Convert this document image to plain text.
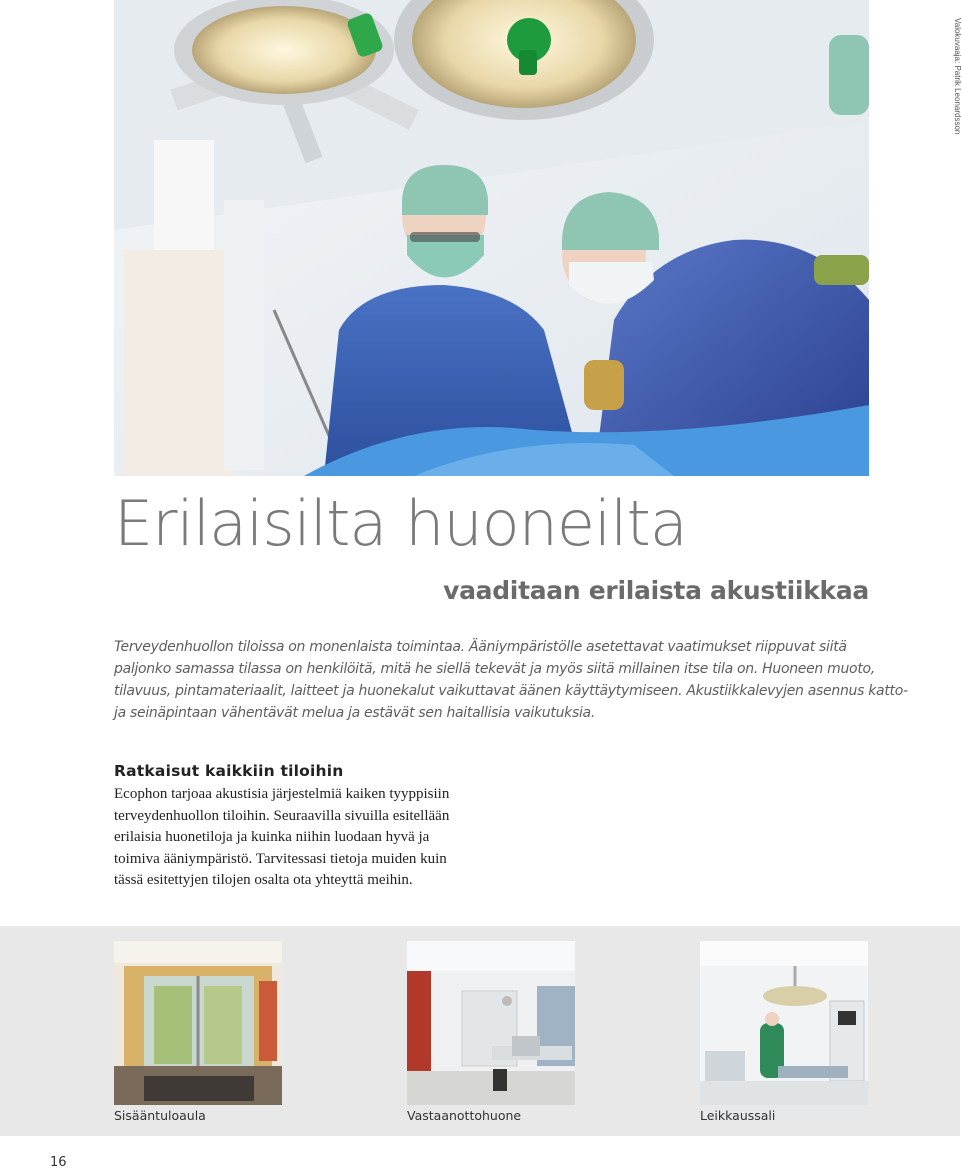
Valokuvaaja: Patrik Leonardsson
Erilaisilta huoneilta
vaaditaan erilaista akustiikkaa

Terveydenhuollon tiloissa on monenlaista toimintaa. Ääniympäristölle asetettavat vaatimukset riippuvat siitä

paljonko samassa tilassa on henkilöitä, mitä he siellä tekevät ja myös siitä millainen itse tila on. Huoneen muoto,

tilavuus, pintamateriaalit, laitteet ja huonekalut vaikuttavat äänen käyttäytymiseen. Akustiikkalevyjen asennus katto-

ja seinäpintaan vähentävät melua ja estävät sen haitallisia vaikutuksia.

Ratkaisut kaikkiin tiloihin

Ecophon tarjoaa akustisia järjestelmiä kaiken tyyppisiin

terveydenhuollon tiloihin. Seuraavilla sivuilla esitellään

erilaisia huonetiloja ja kuinka niihin luodaan hyvä ja

toimiva ääniympäristö. Tarvitessasi tietoja muiden kuin

tässä esitettyjen tilojen osalta ota yhteyttä meihin.

Sisääntuloaula	Vastaanottohuone	Leikkaussali
16
